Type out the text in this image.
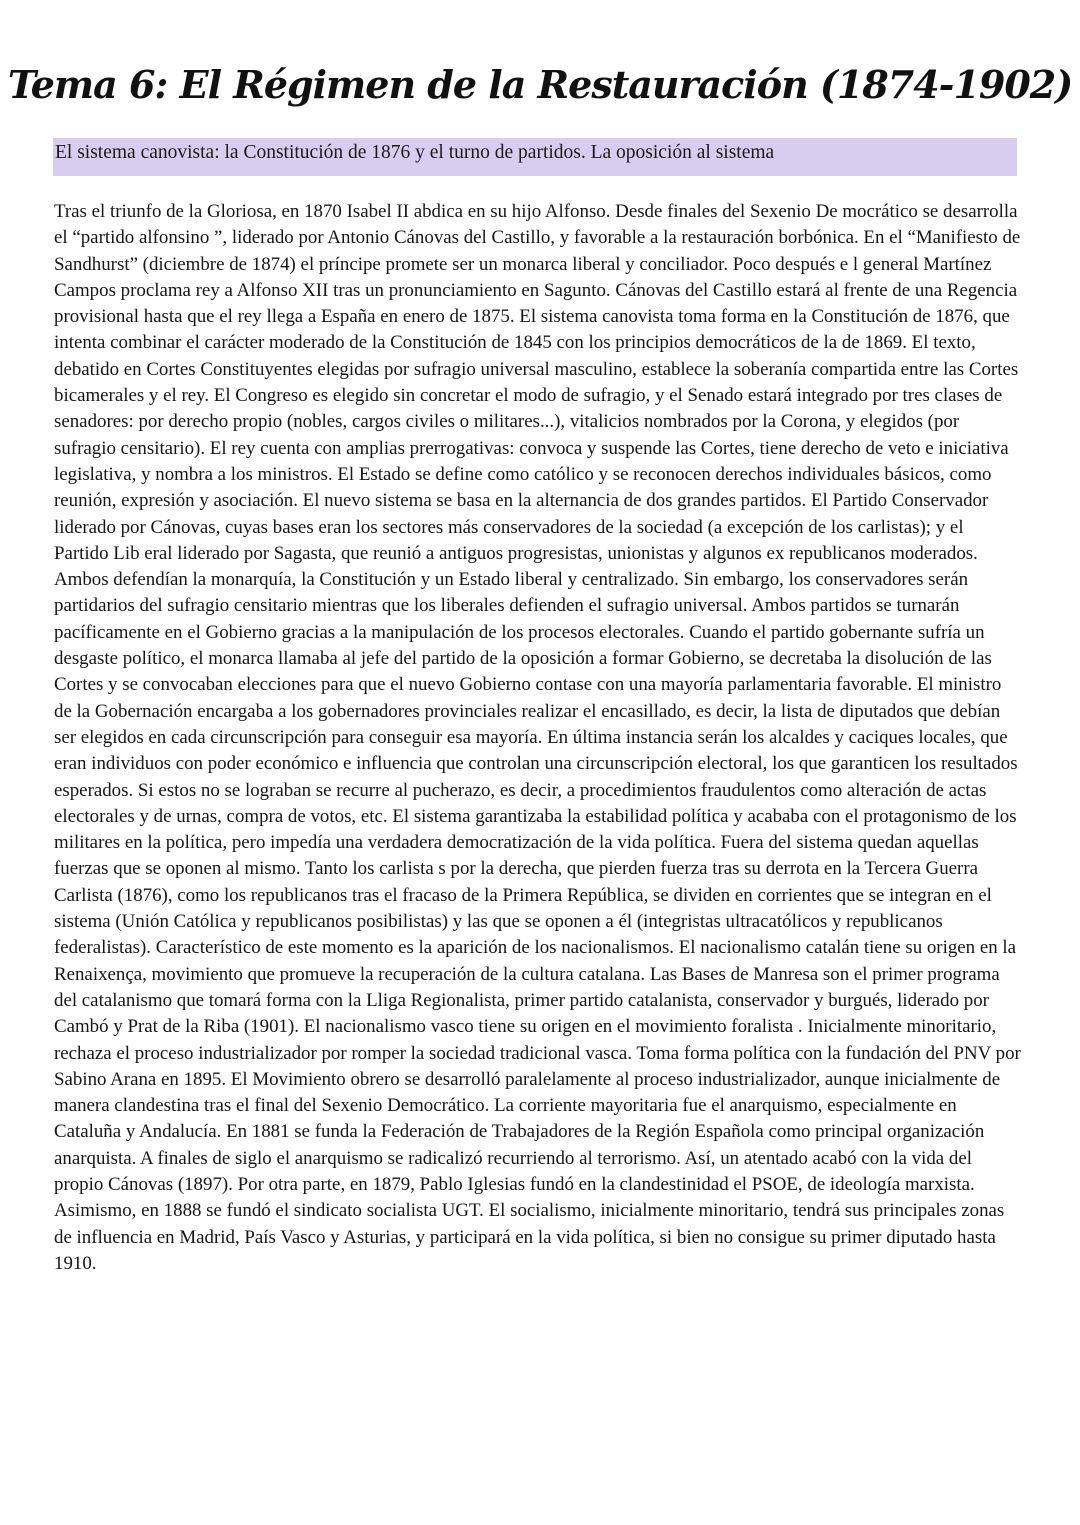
Tema 6: El Régimen de la Restauración (1874-1902)
El sistema canovista: la Constitución de 1876 y el turno de partidos. La oposición al sistema

Tras el triunfo de la Gloriosa, en 1870 Isabel II abdica en su hijo Alfonso. Desde finales del Sexenio De mocrático se desarrolla el “partido alfonsino ”, liderado por Antonio Cánovas del Castillo, y favorable a la restauración borbónica. En el “Manifiesto de Sandhurst” (diciembre de 1874) el príncipe promete ser un monarca liberal y conciliador. Poco después e l general Martínez Campos proclama rey a Alfonso XII tras un pronunciamiento en Sagunto. Cánovas del Castillo estará al frente de una Regencia provisional hasta que el rey llega a España en enero de 1875. El sistema canovista toma forma en la Constitución de 1876, que intenta combinar el carácter moderado de la Constitución de 1845 con los principios democráticos de la de 1869. El texto, debatido en Cortes Constituyentes elegidas por sufragio universal masculino, establece la soberanía compartida entre las Cortes bicamerales y el rey. El Congreso es elegido sin concretar el modo de sufragio, y el Senado estará integrado por tres clases de senadores: por derecho propio (nobles, cargos civiles o militares...), vitalicios nombrados por la Corona, y elegidos (por sufragio censitario). El rey cuenta con amplias prerrogativas: convoca y suspende las Cortes, tiene derecho de veto e iniciativa legislativa, y nombra a los ministros. El Estado se define como católico y se reconocen derechos individuales básicos, como reunión, expresión y asociación. El nuevo sistema se basa en la alternancia de dos grandes partidos. El Partido Conservador liderado por Cánovas, cuyas bases eran los sectores más conservadores de la sociedad (a excepción de los carlistas); y el Partido Lib eral liderado por Sagasta, que reunió a antiguos progresistas, unionistas y algunos ex republicanos moderados. Ambos defendían la monarquía, la Constitución y un Estado liberal y centralizado. Sin embargo, los conservadores serán partidarios del sufragio censitario mientras que los liberales defienden el sufragio universal. Ambos partidos se turnarán pacíficamente en el Gobierno gracias a la manipulación de los procesos electorales. Cuando el partido gobernante sufría un desgaste político, el monarca llamaba al jefe del partido de la oposición a formar Gobierno, se decretaba la disolución de las Cortes y se convocaban elecciones para que el nuevo Gobierno contase con una mayoría parlamentaria favorable. El ministro de la Gobernación encargaba a los gobernadores provinciales realizar el encasillado, es decir, la lista de diputados que debían ser elegidos en cada circunscripción para conseguir esa mayoría. En última instancia serán los alcaldes y caciques locales, que eran individuos con poder económico e influencia que controlan una circunscripción electoral, los que garanticen los resultados esperados. Si estos no se lograban se recurre al pucherazo, es decir, a procedimientos fraudulentos como alteración de actas electorales y de urnas, compra de votos, etc. El sistema garantizaba la estabilidad política y acababa con el protagonismo de los militares en la política, pero impedía una verdadera democratización de la vida política. Fuera del sistema quedan aquellas fuerzas que se oponen al mismo. Tanto los carlista s por la derecha, que pierden fuerza tras su derrota en la Tercera Guerra Carlista (1876), como los republicanos tras el fracaso de la Primera República, se dividen en corrientes que se integran en el sistema (Unión Católica y republicanos posibilistas) y las que se oponen a él (integristas ultracatólicos y republicanos federalistas). Característico de este momento es la aparición de los nacionalismos. El nacionalismo catalán tiene su origen en la Renaixença, movimiento que promueve la recuperación de la cultura catalana. Las Bases de Manresa son el primer programa del catalanismo que tomará forma con la Lliga Regionalista, primer partido catalanista, conservador y burgués, liderado por Cambó y Prat de la Riba (1901). El nacionalismo vasco tiene su origen en el movimiento foralista . Inicialmente minoritario, rechaza el proceso industrializador por romper la sociedad tradicional vasca. Toma forma política con la fundación del PNV por Sabino Arana en 1895. El Movimiento obrero se desarrolló paralelamente al proceso industrializador, aunque inicialmente de manera clandestina tras el final del Sexenio Democrático. La corriente mayoritaria fue el anarquismo, especialmente en Cataluña y Andalucía. En 1881 se funda la Federación de Trabajadores de la Región Española como principal organización anarquista. A finales de siglo el anarquismo se radicalizó recurriendo al terrorismo. Así, un atentado acabó con la vida del propio Cánovas (1897). Por otra parte, en 1879, Pablo Iglesias fundó en la clandestinidad el PSOE, de ideología marxista. Asimismo, en 1888 se fundó el sindicato socialista UGT. El socialismo, inicialmente minoritario, tendrá sus principales zonas de influencia en Madrid, País Vasco y Asturias, y participará en la vida política, si bien no consigue su primer diputado hasta 1910.
